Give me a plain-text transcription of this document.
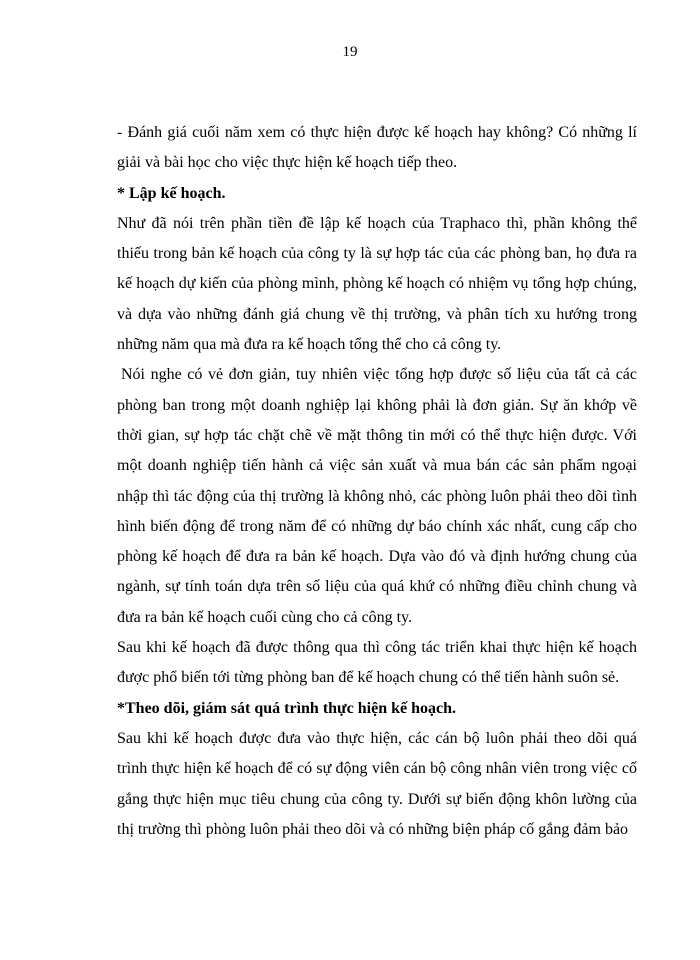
19

- Đánh giá cuối năm xem có thực hiện được kế hoạch hay không? Có những lí giải và bài học cho việc thực hiện kế hoạch tiếp theo.

* Lập kế hoạch.

Như đã nói trên phần tiền đề lập kế hoạch của Traphaco thì, phần không thể thiếu trong bản kế hoạch của công ty là sự hợp tác của các phòng ban, họ đưa ra kế hoạch dự kiến của phòng mình, phòng kế hoạch có nhiệm vụ tổng hợp chúng, và dựa vào những đánh giá chung về thị trường, và phân tích xu hướng trong những năm qua mà đưa ra kế hoạch tổng thể cho cả công ty.

Nói nghe có vẻ đơn giản, tuy nhiên việc tổng hợp được số liệu của tất cả các phòng ban trong một doanh nghiệp lại không phải là đơn giản. Sự ăn khớp về thời gian, sự hợp tác chặt chẽ về mặt thông tin mới có thể thực hiện được. Với một doanh nghiệp tiến hành cả việc sản xuất và mua bán các sản phẩm ngoại nhập thì tác động của thị trường là không nhỏ, các phòng luôn phải theo dõi tình hình biến động để trong năm để có những dự báo chính xác nhất, cung cấp cho phòng kế hoạch để đưa ra bản kế hoạch. Dựa vào đó và định hướng chung của ngành, sự tính toán dựa trên số liệu của quá khứ có những điều chỉnh chung và đưa ra bản kế hoạch cuối cùng cho cả công ty.

Sau khi kế hoạch đã được thông qua thì công tác triển khai thực hiện kế hoạch được phổ biến tới từng phòng ban để kế hoạch chung có thể tiến hành suôn sẻ.

*Theo dõi, giám sát quá trình thực hiện kế hoạch.

Sau khi kế hoạch được đưa vào thực hiện, các cán bộ luôn phải theo dõi quá trình thực hiện kế hoạch để có sự động viên cán bộ công nhân viên trong việc cố gắng thực hiện mục tiêu chung của công ty. Dưới sự biến động khôn lường của thị trường thì phòng luôn phải theo dõi và có những biện pháp cố gắng đảm bảo
